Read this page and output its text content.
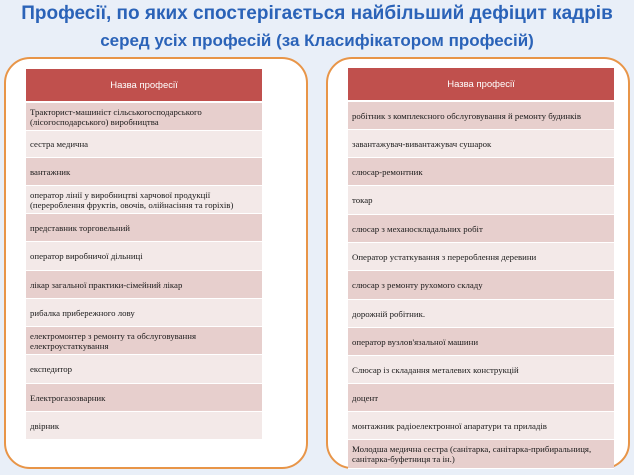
Професії, по яких спостерігається найбільший дефіцит кадрів
серед усіх професій (за Класифікатором професій)
Назва професії
Тракторист-машиніст сільськогосподарського (лісогосподарського) виробництва
сестра медична
вантажник
оператор лінії у виробництві харчової продукції (перероблення фруктів, овочів, олійнасіння та горіхів)
представник торговельний
оператор виробничої дільниці
лікар загальної практики-сімейний лікар
рибалка прибережного лову
електромонтер з ремонту та обслуговування електроустаткування
експедитор
Електрогазозварник
двірник
Назва професії
робітник з комплексного обслуговування й ремонту будинків
завантажувач-вивантажувач сушарок
слюсар-ремонтник
токар
слюсар з механоскладальних робіт
Оператор устаткування з перероблення деревини
слюсар з ремонту рухомого складу
дорожній робітник.
оператор вузлов'язальної машини
Слюсар із складання металевих конструкцій
доцент
монтажник радіоелектронної апаратури та приладів
Молодша медична сестра (санітарка, санітарка-прибиральниця, санітарка-буфетниця та ін.)
